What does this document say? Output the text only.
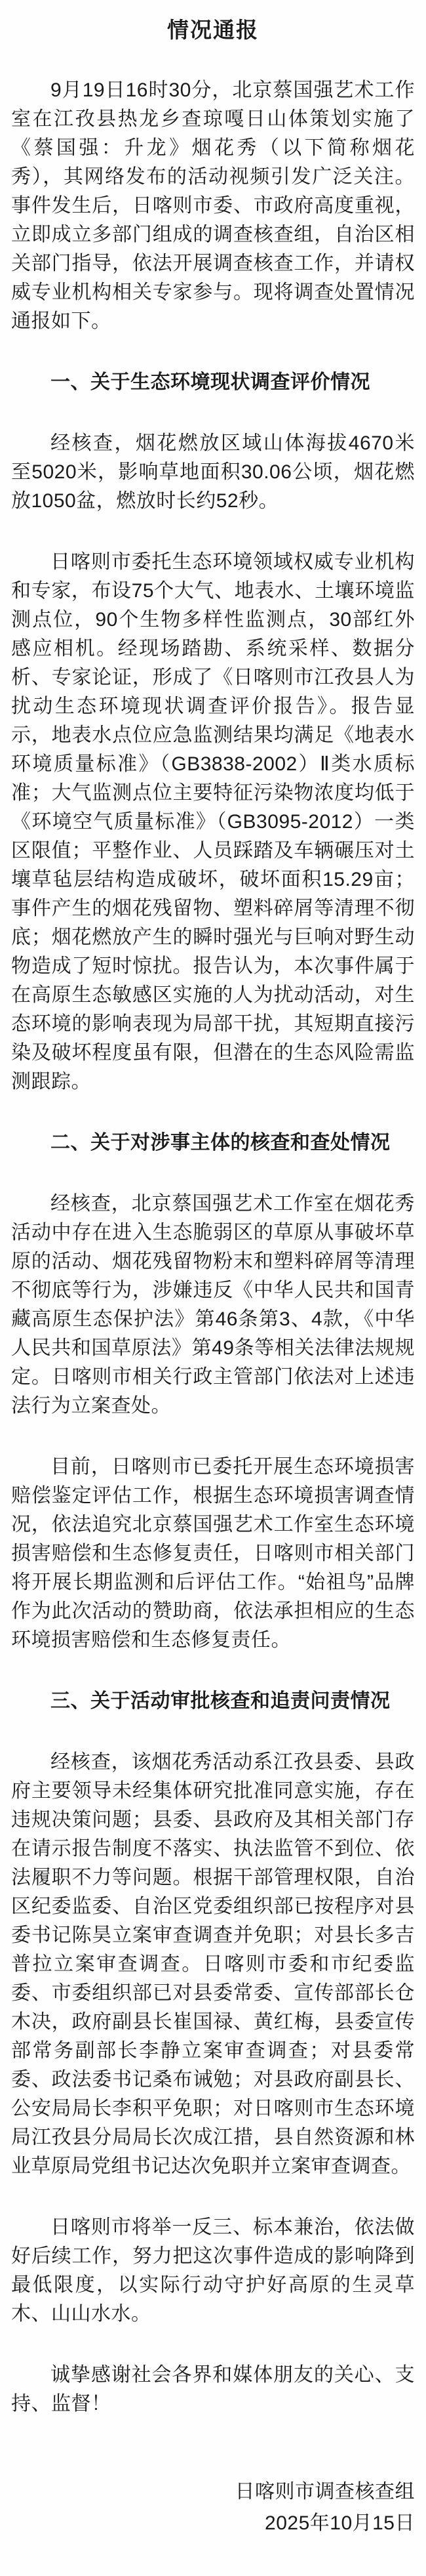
情况通报

9月19日16时30分，北京蔡国强艺术工作室在江孜县热龙乡查琼嘎日山体策划实施了《蔡国强：升龙》烟花秀（以下简称烟花秀），其网络发布的活动视频引发广泛关注。事件发生后，日喀则市委、市政府高度重视，立即成立多部门组成的调查核查组，自治区相关部门指导，依法开展调查核查工作，并请权威专业机构相关专家参与。现将调查处置情况通报如下。

一、关于生态环境现状调查评价情况

经核查，烟花燃放区域山体海拔4670米至5020米，影响草地面积30.06公顷，烟花燃放1050盆，燃放时长约52秒。

日喀则市委托生态环境领域权威专业机构和专家，布设75个大气、地表水、土壤环境监测点位，90个生物多样性监测点，30部红外感应相机。经现场踏勘、系统采样、数据分析、专家论证，形成了《日喀则市江孜县人为扰动生态环境现状调查评价报告》。报告显示，地表水点位应急监测结果均满足《地表水环境质量标准》（GB3838-2002）Ⅱ类水质标准；大气监测点位主要特征污染物浓度均低于《环境空气质量标准》（GB3095-2012）一类区限值；平整作业、人员踩踏及车辆碾压对土壤草毡层结构造成破坏，破坏面积15.29亩；事件产生的烟花残留物、塑料碎屑等清理不彻底；烟花燃放产生的瞬时强光与巨响对野生动物造成了短时惊扰。报告认为，本次事件属于在高原生态敏感区实施的人为扰动活动，对生态环境的影响表现为局部干扰，其短期直接污染及破坏程度虽有限，但潜在的生态风险需监测跟踪。

二、关于对涉事主体的核查和查处情况

经核查，北京蔡国强艺术工作室在烟花秀活动中存在进入生态脆弱区的草原从事破坏草原的活动、烟花残留物粉末和塑料碎屑等清理不彻底等行为，涉嫌违反《中华人民共和国青藏高原生态保护法》第46条第3、4款，《中华人民共和国草原法》第49条等相关法律法规规定。日喀则市相关行政主管部门依法对上述违法行为立案查处。

目前，日喀则市已委托开展生态环境损害赔偿鉴定评估工作，根据生态环境损害调查情况，依法追究北京蔡国强艺术工作室生态环境损害赔偿和生态修复责任，日喀则市相关部门将开展长期监测和后评估工作。“始祖鸟”品牌作为此次活动的赞助商，依法承担相应的生态环境损害赔偿和生态修复责任。

三、关于活动审批核查和追责问责情况

经核查，该烟花秀活动系江孜县委、县政府主要领导未经集体研究批准同意实施，存在违规决策问题；县委、县政府及其相关部门存在请示报告制度不落实、执法监管不到位、依法履职不力等问题。根据干部管理权限，自治区纪委监委、自治区党委组织部已按程序对县委书记陈昊立案审查调查并免职；对县长多吉普拉立案审查调查。日喀则市委和市纪委监委、市委组织部已对县委常委、宣传部部长仓木决，政府副县长崔国禄、黄红梅，县委宣传部常务副部长李静立案审查调查；对县委常委、政法委书记桑布诫勉；对县政府副县长、公安局局长李积平免职；对日喀则市生态环境局江孜县分局局长次成江措，县自然资源和林业草原局党组书记达次免职并立案审查调查。

日喀则市将举一反三、标本兼治，依法做好后续工作，努力把这次事件造成的影响降到最低限度，以实际行动守护好高原的生灵草木、山山水水。

诚挚感谢社会各界和媒体朋友的关心、支持、监督！

日喀则市调查核查组
2025年10月15日
